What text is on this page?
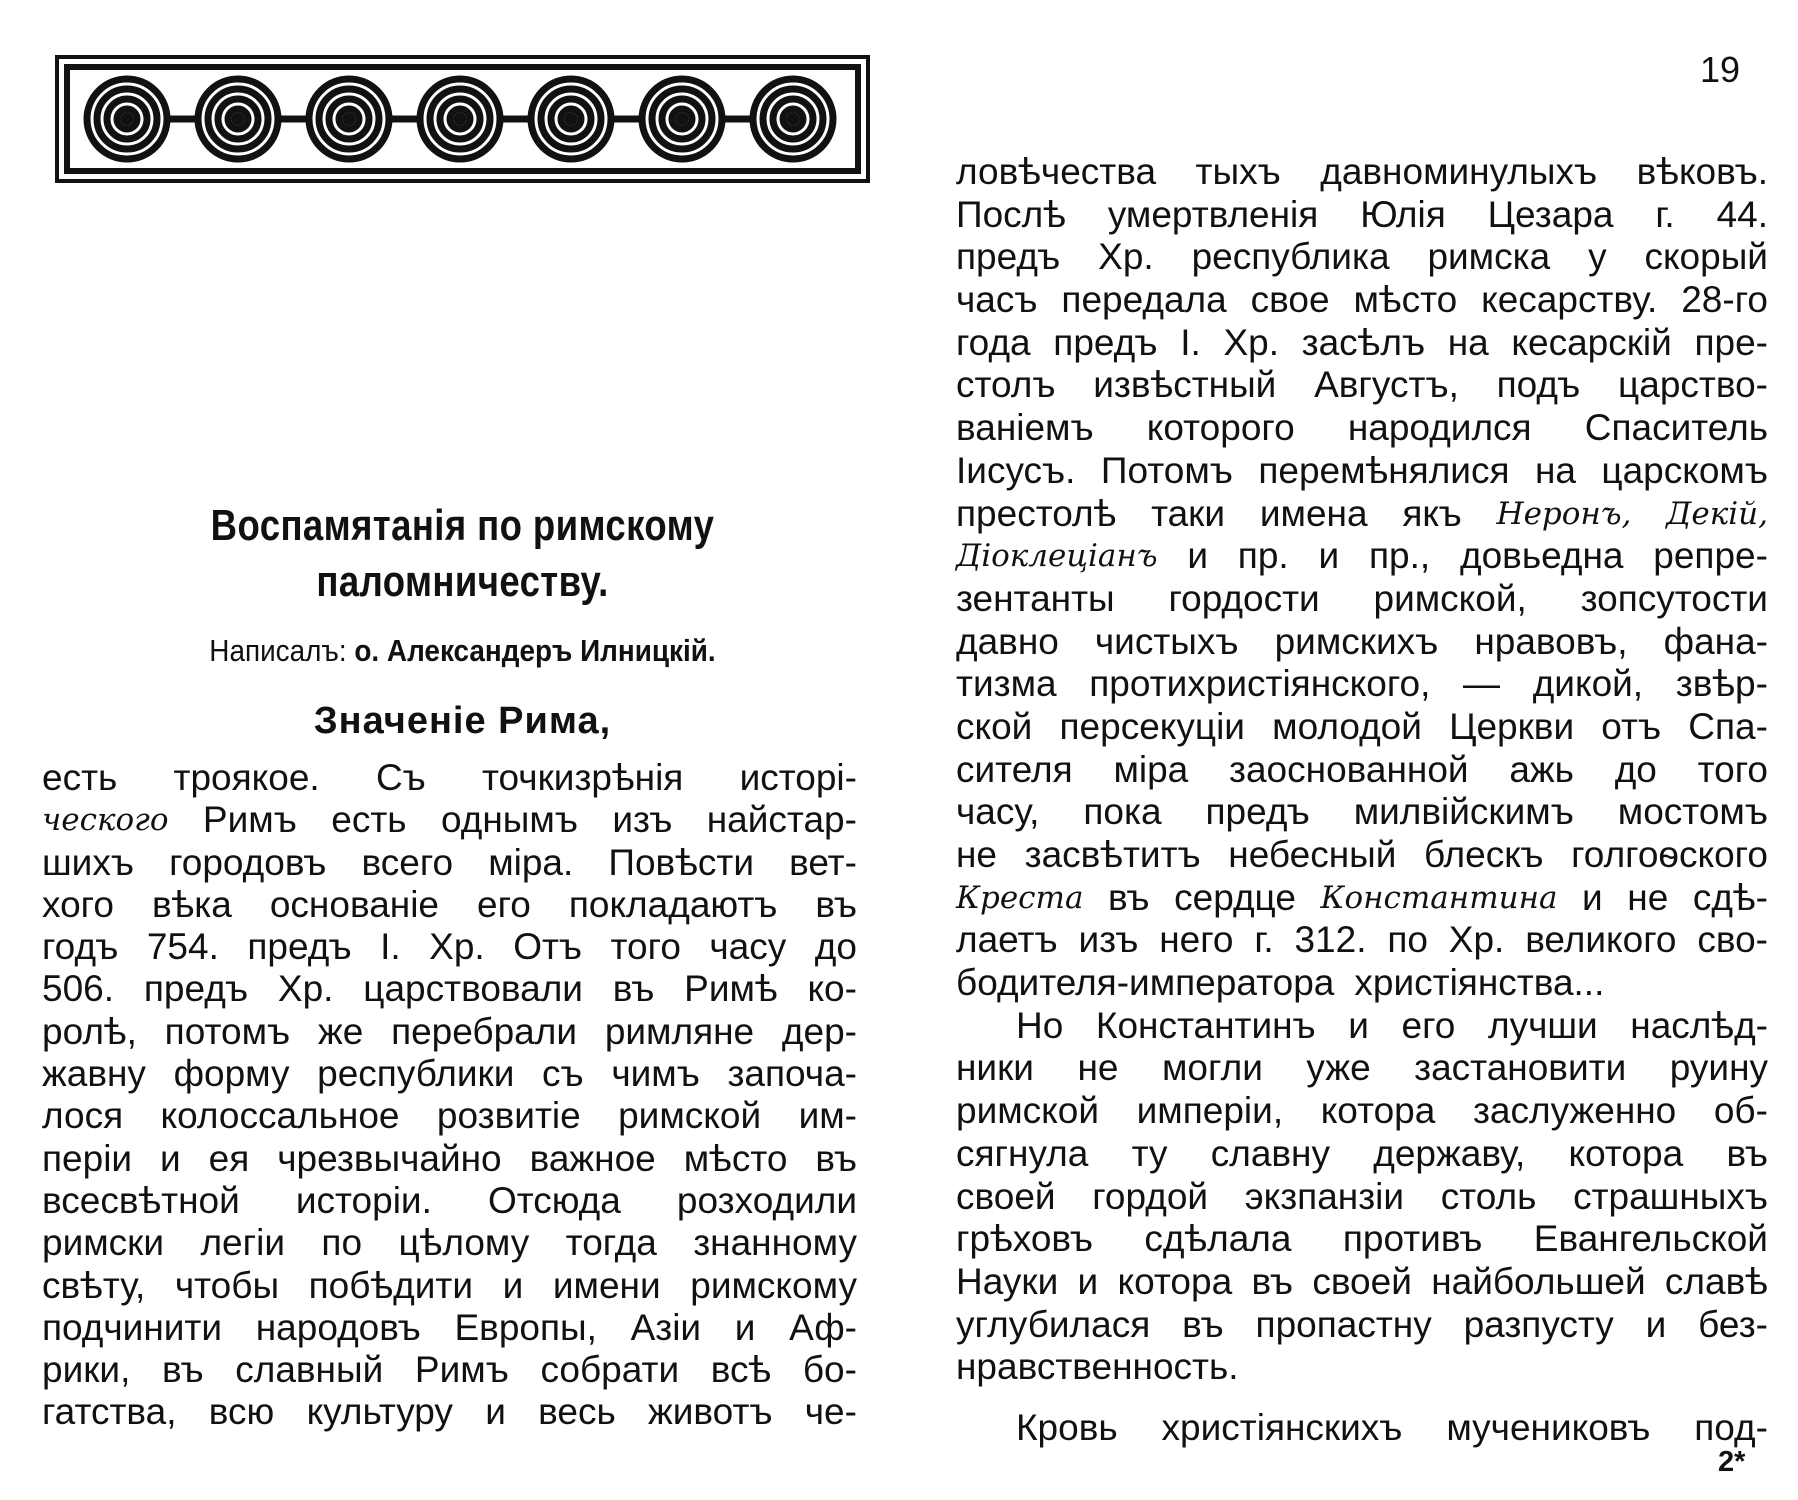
19
Воспамятанія по римскому
паломничеству.
Написалъ: о. Александеръ Илницкій.
Значеніе Рима,
есть троякое. Съ точкизрѣнія исторі-
ческого Римъ есть однымъ изъ найстар-
шихъ городовъ всего міра. Повѣсти вет-
хого вѣка основаніе его покладаютъ въ
годъ 754. предъ І. Хр. Отъ того часу до
506. предъ Хр. царствовали въ Римѣ ко-
ролѣ, потомъ же перебрали римляне дер-
жавну форму республики съ чимъ започа-
лося колоссальное розвитіе римской им-
періи и ея чрезвычайно важное мѣсто въ
всесвѣтной исторіи. Отсюда розходили
римски легіи по цѣлому тогда знанному
свѣту, чтобы побѣдити и имени римскому
подчинити народовъ Европы, Азіи и Аф-
рики, въ славный Римъ собрати всѣ бо-
гатства, всю культуру и весь животъ че-
ловѣчества тыхъ давноминулыхъ вѣковъ.
Послѣ умертвленія Юлія Цезара г. 44.
предъ Хр. республика римска у скорый
часъ передала свое мѣсто кесарству. 28-го
года предъ І. Хр. засѣлъ на кесарскій пре-
столъ извѣстный Августъ, подъ царство-
ваніемъ которого народился Спаситель
Іисусъ. Потомъ перемѣнялися на царскомъ
престолѣ таки имена якъ Неронъ, Декій,
Діоклеціанъ и пр. и пр., довьедна репре-
зентанты гордости римской, зопсутости
давно чистыхъ римскихъ нравовъ, фана-
тизма протихристіянского, — дикой, звѣр-
ской персекуціи молодой Церкви отъ Спа-
сителя міра заоснованной ажь до того
часу, пока предъ милвійскимъ мостомъ
не засвѣтитъ небесный блескъ голгоѳского
Креста въ сердце Константина и не сдѣ-
лаетъ изъ него г. 312. по Хр. великого сво-
бодителя-императора христіянства...
Но Константинъ и его лучши наслѣд-
ники не могли уже застановити руину
римской имперіи, котора заслуженно об-
сягнула ту славну державу, котора въ
своей гордой экзпанзіи столь страшныхъ
грѣховъ сдѣлала противъ Евангельской
Науки и котора въ своей найбольшей славѣ
углубилася въ пропастну разпусту и без-
нравственность.
Кровь христіянскихъ мучениковъ под-
2*
